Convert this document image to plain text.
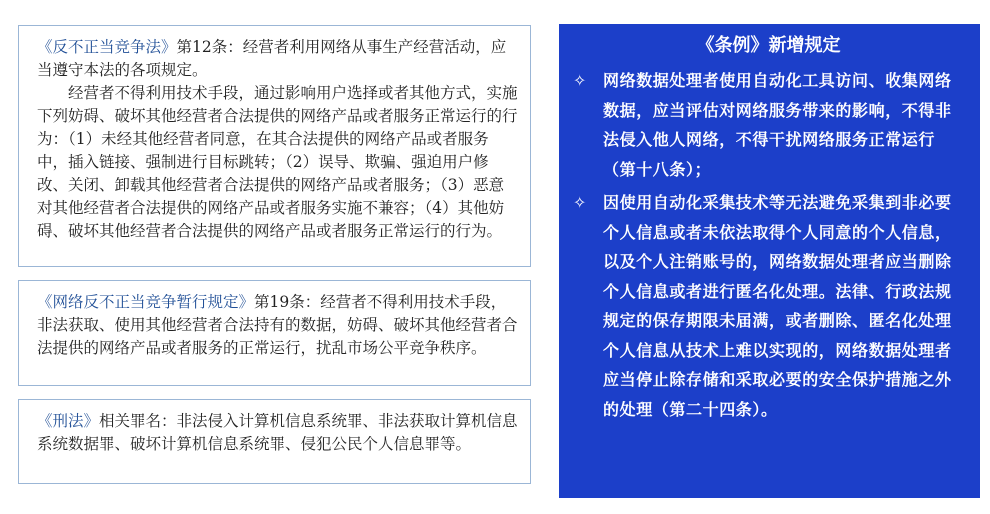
《反不正当竞争法》第12条：经营者利用网络从事生产经营活动，应当遵守本法的各项规定。

经营者不得利用技术手段，通过影响用户选择或者其他方式，实施下列妨碍、破坏其他经营者合法提供的网络产品或者服务正常运行的行为：（1）未经其他经营者同意，在其合法提供的网络产品或者服务中，插入链接、强制进行目标跳转；（2）误导、欺骗、强迫用户修改、关闭、卸载其他经营者合法提供的网络产品或者服务；（3）恶意对其他经营者合法提供的网络产品或者服务实施不兼容；（4）其他妨碍、破坏其他经营者合法提供的网络产品或者服务正常运行的行为。

《网络反不正当竞争暂行规定》第19条：经营者不得利用技术手段，非法获取、使用其他经营者合法持有的数据，妨碍、破坏其他经营者合法提供的网络产品或者服务的正常运行，扰乱市场公平竞争秩序。

《刑法》相关罪名：非法侵入计算机信息系统罪、非法获取计算机信息系统数据罪、破坏计算机信息系统罪、侵犯公民个人信息罪等。

《条例》新增规定
✧	网络数据处理者使用自动化工具访问、收集网络数据，应当评估对网络服务带来的影响，不得非法侵入他人网络，不得干扰网络服务正常运行（第十八条）；
✧	因使用自动化采集技术等无法避免采集到非必要个人信息或者未依法取得个人同意的个人信息，以及个人注销账号的，网络数据处理者应当删除个人信息或者进行匿名化处理。法律、行政法规规定的保存期限未届满，或者删除、匿名化处理个人信息从技术上难以实现的，网络数据处理者应当停止除存储和采取必要的安全保护措施之外的处理（第二十四条）。
